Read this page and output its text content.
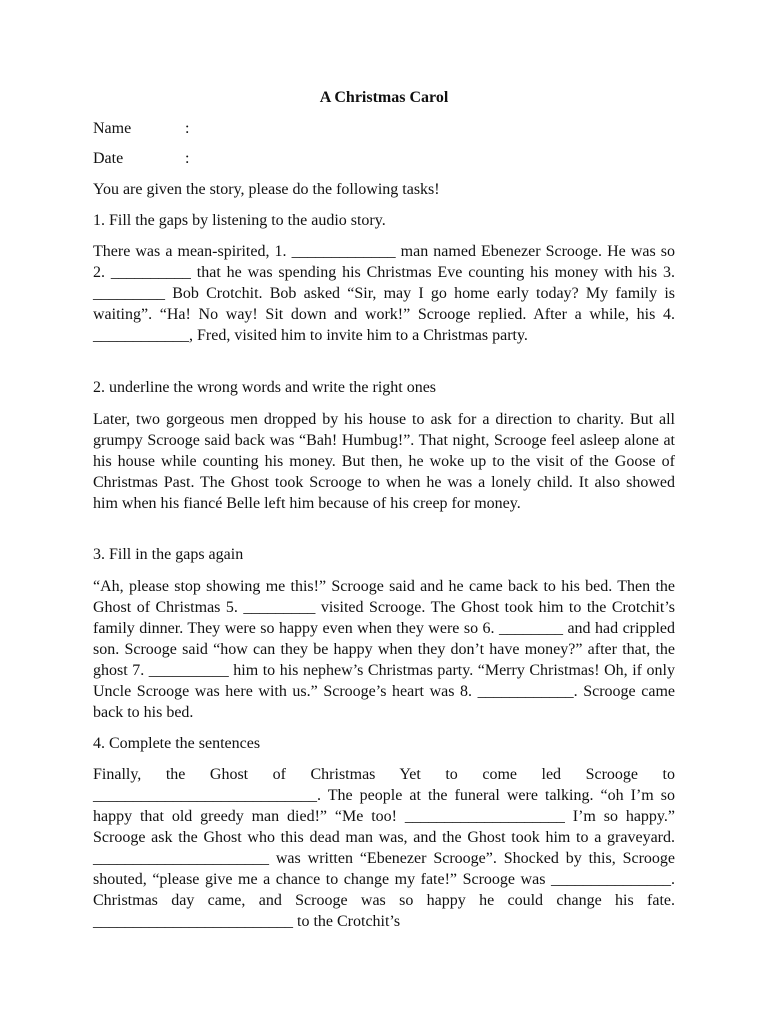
A Christmas Carol
Name	:
Date	:
You are given the story, please do the following tasks!
1. Fill the gaps by listening to the audio story.
There was a mean-spirited, 1. _____________ man named Ebenezer Scrooge. He was so 2. __________ that he was spending his Christmas Eve counting his money with his 3. _________ Bob Crotchit. Bob asked “Sir, may I go home early today? My family is waiting”. “Ha! No way! Sit down and work!” Scrooge replied. After a while, his 4. ____________, Fred, visited him to invite him to a Christmas party.
2. underline the wrong words and write the right ones
Later, two gorgeous men dropped by his house to ask for a direction to charity. But all grumpy Scrooge said back was “Bah! Humbug!”. That night, Scrooge feel asleep alone at his house while counting his money. But then, he woke up to the visit of the Goose of Christmas Past. The Ghost took Scrooge to when he was a lonely child. It also showed him when his fiancé Belle left him because of his creep for money.
3. Fill in the gaps again
“Ah, please stop showing me this!” Scrooge said and he came back to his bed. Then the Ghost of Christmas 5. _________ visited Scrooge. The Ghost took him to the Crotchit’s family dinner. They were so happy even when they were so 6. ________ and had crippled son. Scrooge said “how can they be happy when they don’t have money?” after that, the ghost 7. __________ him to his nephew’s Christmas party. “Merry Christmas! Oh, if only Uncle Scrooge was here with us.” Scrooge’s heart was 8. ____________. Scrooge came back to his bed.
4. Complete the sentences
Finally, the Ghost of Christmas Yet to come led Scrooge to ____________________________. The people at the funeral were talking. “oh I’m so happy that old greedy man died!” “Me too! ____________________ I’m so happy.” Scrooge ask the Ghost who this dead man was, and the Ghost took him to a graveyard. ______________________ was written “Ebenezer Scrooge”. Shocked by this, Scrooge shouted, “please give me a chance to change my fate!” Scrooge was _______________. Christmas day came, and Scrooge was so happy he could change his fate. _________________________ to the Crotchit’s
